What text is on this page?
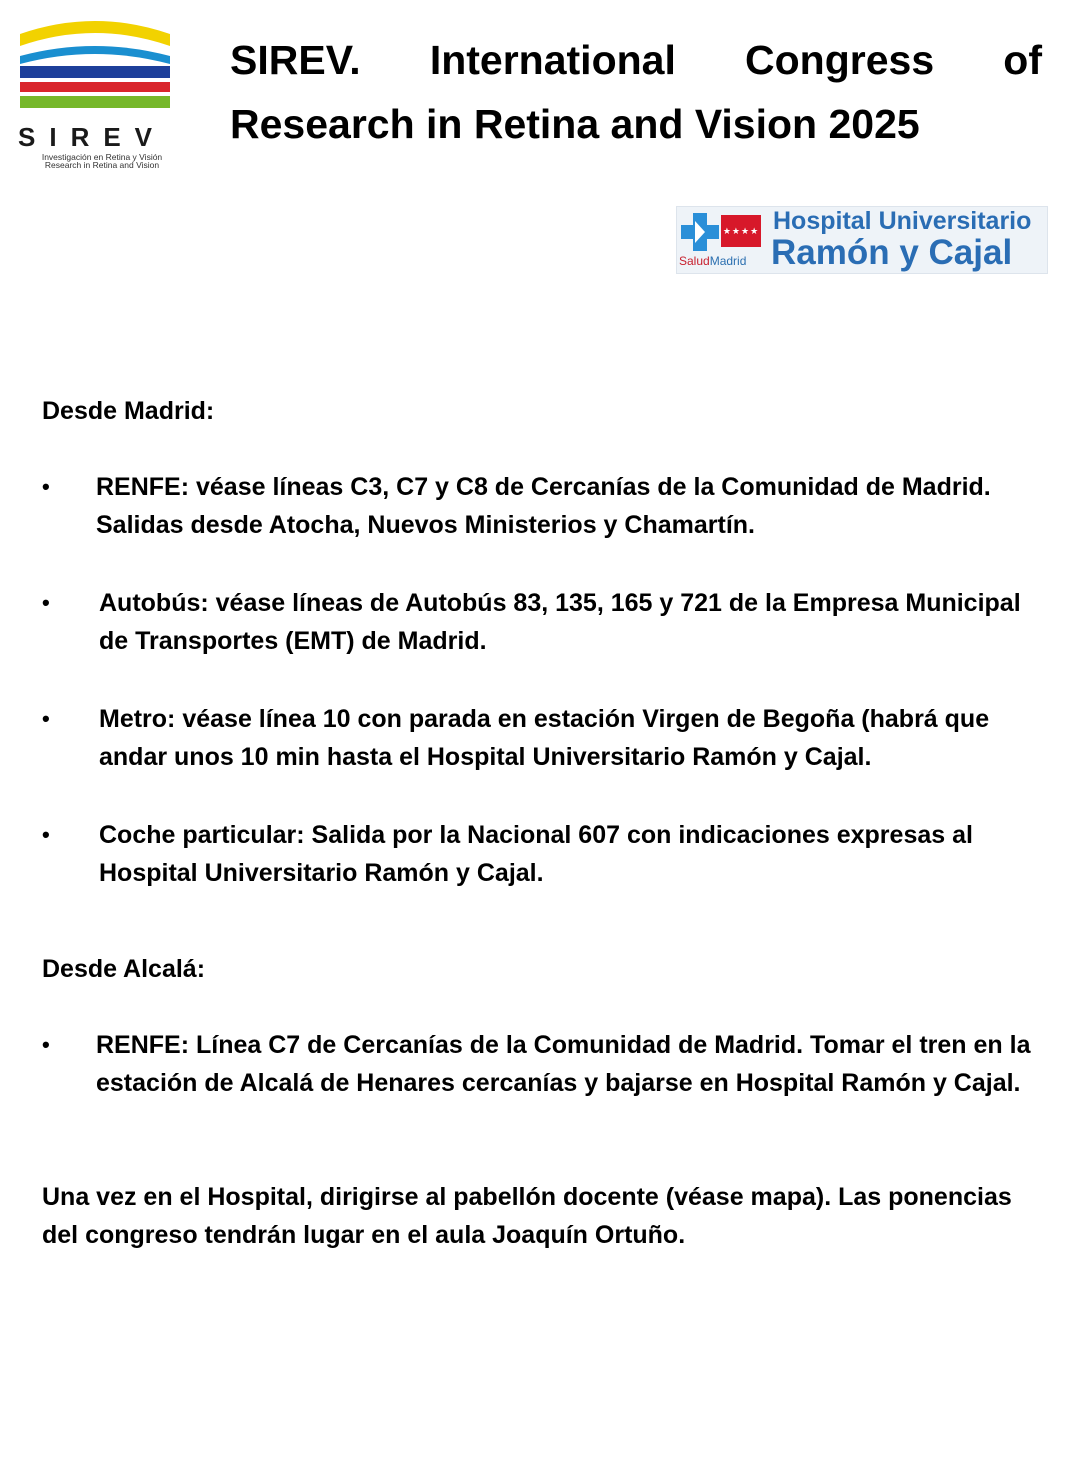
SIREV
Investigación en Retina y Visión
Research in Retina and Vision
SIREV. International Congress of
Research in Retina and Vision 2025
★★★★
SaludMadrid
Hospital Universitario
Ramón y Cajal

Desde Madrid:

• RENFE: véase líneas C3, C7 y C8 de Cercanías de la Comunidad de Madrid. Salidas desde Atocha, Nuevos Ministerios y Chamartín.
• Autobús: véase líneas de Autobús 83, 135, 165 y 721 de la Empresa Municipal de Transportes (EMT) de Madrid.
• Metro: véase línea 10 con parada en estación Virgen de Begoña (habrá que andar unos 10 min hasta el Hospital Universitario Ramón y Cajal.
• Coche particular: Salida por la Nacional 607 con indicaciones expresas al Hospital Universitario Ramón y Cajal.

Desde Alcalá:

• RENFE: Línea C7 de Cercanías de la Comunidad de Madrid. Tomar el tren en la estación de Alcalá de Henares cercanías y bajarse en Hospital Ramón y Cajal.

Una vez en el Hospital, dirigirse al pabellón docente (véase mapa). Las ponencias del congreso tendrán lugar en el aula Joaquín Ortuño.
